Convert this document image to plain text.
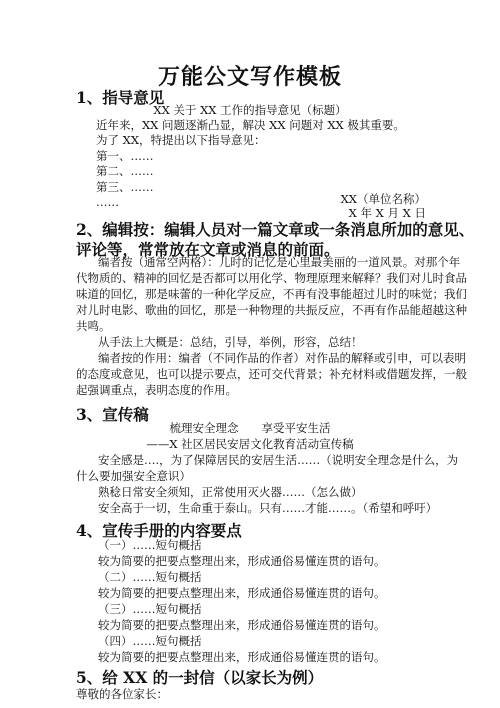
万能公文写作模板
1、指导意见
XX 关于 XX 工作的指导意见（标题）
近年来，XX 问题逐渐凸显，解决 XX 问题对 XX 极其重要。
为了 XX，特提出以下指导意见：
第一、……
第二、……
第三、……
……	XX（单位名称）
X 年 X 月 X 日
2、编辑按：编辑人员对一篇文章或一条消息所加的意见、
评论等，常常放在文章或消息的前面。
编者按（通常空两格）：儿时的记忆是心里最美丽的一道风景。对那个年
代物质的、精神的回忆是否都可以用化学、物理原理来解释？我们对儿时食品
味道的回忆，那是味蕾的一种化学反应，不再有没事能超过儿时的味觉；我们
对儿时电影、歌曲的回忆，那是一种物理的共振反应，不再有作品能超越这种
共鸣。
从手法上大概是：总结，引导，举例，形容，总结！
编者按的作用：编者（不同作品的作者）对作品的解释或引申，可以表明
的态度或意见，也可以提示要点，还可交代背景；补充材料或借题发挥，一般
起强调重点，表明态度的作用。
3、宣传稿
梳理安全理念　　享受平安生活
——X 社区居民安居文化教育活动宣传稿
安全感是….，为了保障居民的安居生活……（说明安全理念是什么，为
什么要加强安全意识）
熟稔日常安全须知，正常使用灭火器……（怎么做）
安全高于一切，生命重于泰山。只有……才能……。（希望和呼吁）
4、宣传手册的内容要点
（一）……短句概括
较为简要的把要点整理出来，形成通俗易懂连贯的语句。
（二）……短句概括
较为简要的把要点整理出来，形成通俗易懂连贯的语句。
（三）……短句概括
较为简要的把要点整理出来，形成通俗易懂连贯的语句。
（四）……短句概括
较为简要的把要点整理出来，形成通俗易懂连贯的语句。
5、给 XX 的一封信（以家长为例）
尊敬的各位家长：
